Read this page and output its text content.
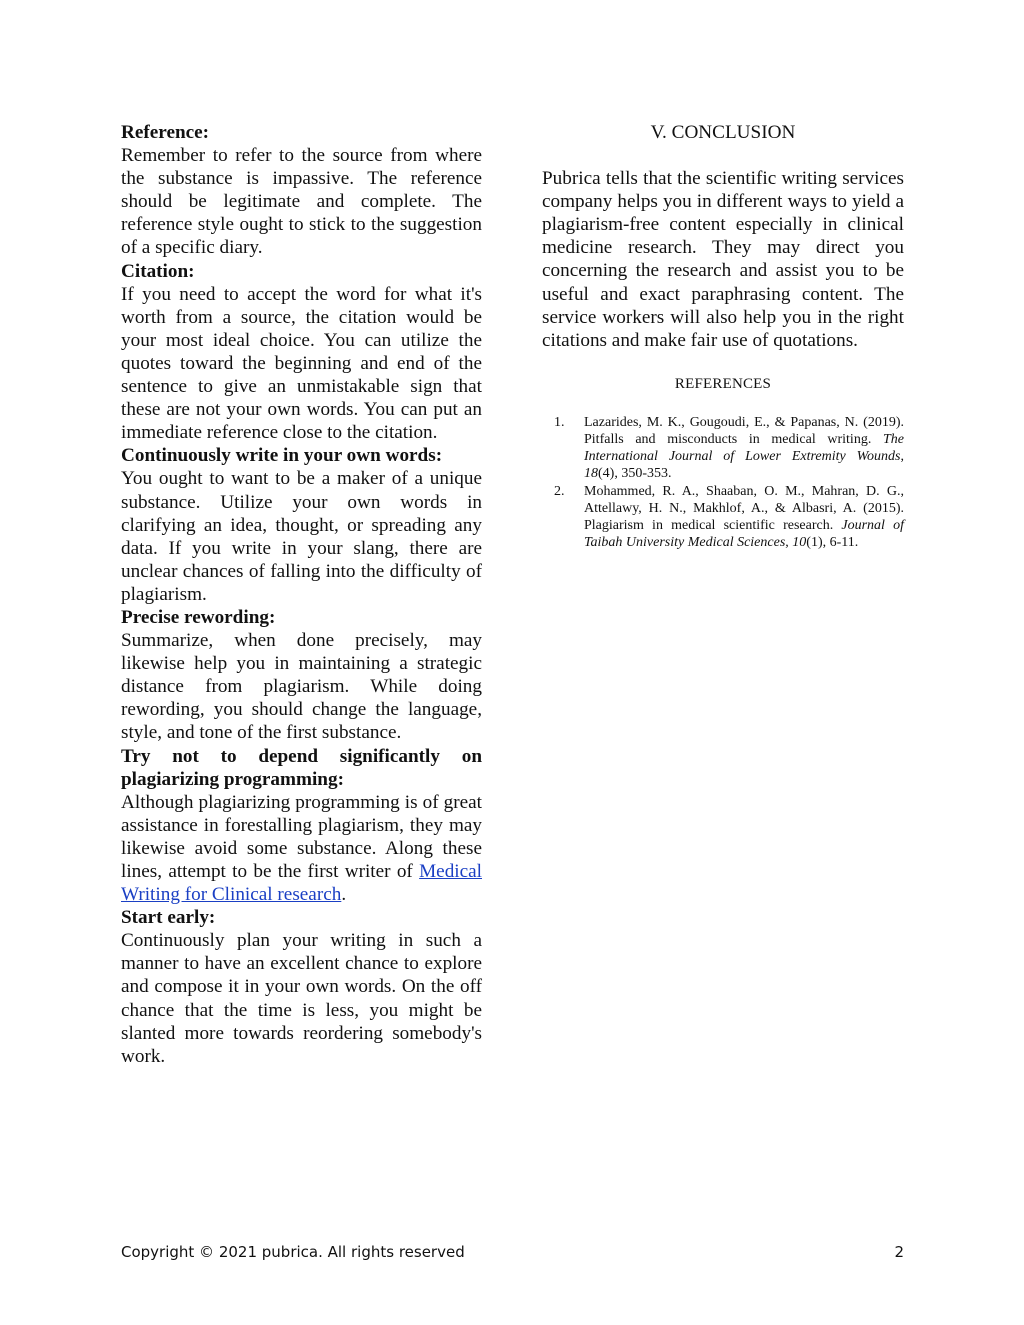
Reference:
Remember to refer to the source from where the substance is impassive. The reference should be legitimate and complete. The reference style ought to stick to the suggestion of a specific diary.
Citation:
If you need to accept the word for what it's worth from a source, the citation would be your most ideal choice. You can utilize the quotes toward the beginning and end of the sentence to give an unmistakable sign that these are not your own words. You can put an immediate reference close to the citation.
Continuously write in your own words:
You ought to want to be a maker of a unique substance. Utilize your own words in clarifying an idea, thought, or spreading any data. If you write in your slang, there are unclear chances of falling into the difficulty of plagiarism.
Precise rewording:
Summarize, when done precisely, may likewise help you in maintaining a strategic distance from plagiarism. While doing rewording, you should change the language, style, and tone of the first substance.
Try not to depend significantly on plagiarizing programming:
Although plagiarizing programming is of great assistance in forestalling plagiarism, they may likewise avoid some substance. Along these lines, attempt to be the first writer of Medical Writing for Clinical research.
Start early:
Continuously plan your writing in such a manner to have an excellent chance to explore and compose it in your own words. On the off chance that the time is less, you might be slanted more towards reordering somebody's work.
V. CONCLUSION
Pubrica tells that the scientific writing services company helps you in different ways to yield a plagiarism-free content especially in clinical medicine research. They may direct you concerning the research and assist you to be useful and exact paraphrasing content. The service workers will also help you in the right citations and make fair use of quotations.
REFERENCES
1. Lazarides, M. K., Gougoudi, E., & Papanas, N. (2019). Pitfalls and misconducts in medical writing. The International Journal of Lower Extremity Wounds, 18(4), 350-353.
2. Mohammed, R. A., Shaaban, O. M., Mahran, D. G., Attellawy, H. N., Makhlof, A., & Albasri, A. (2015). Plagiarism in medical scientific research. Journal of Taibah University Medical Sciences, 10(1), 6-11.
Copyright © 2021 pubrica. All rights reserved	2
